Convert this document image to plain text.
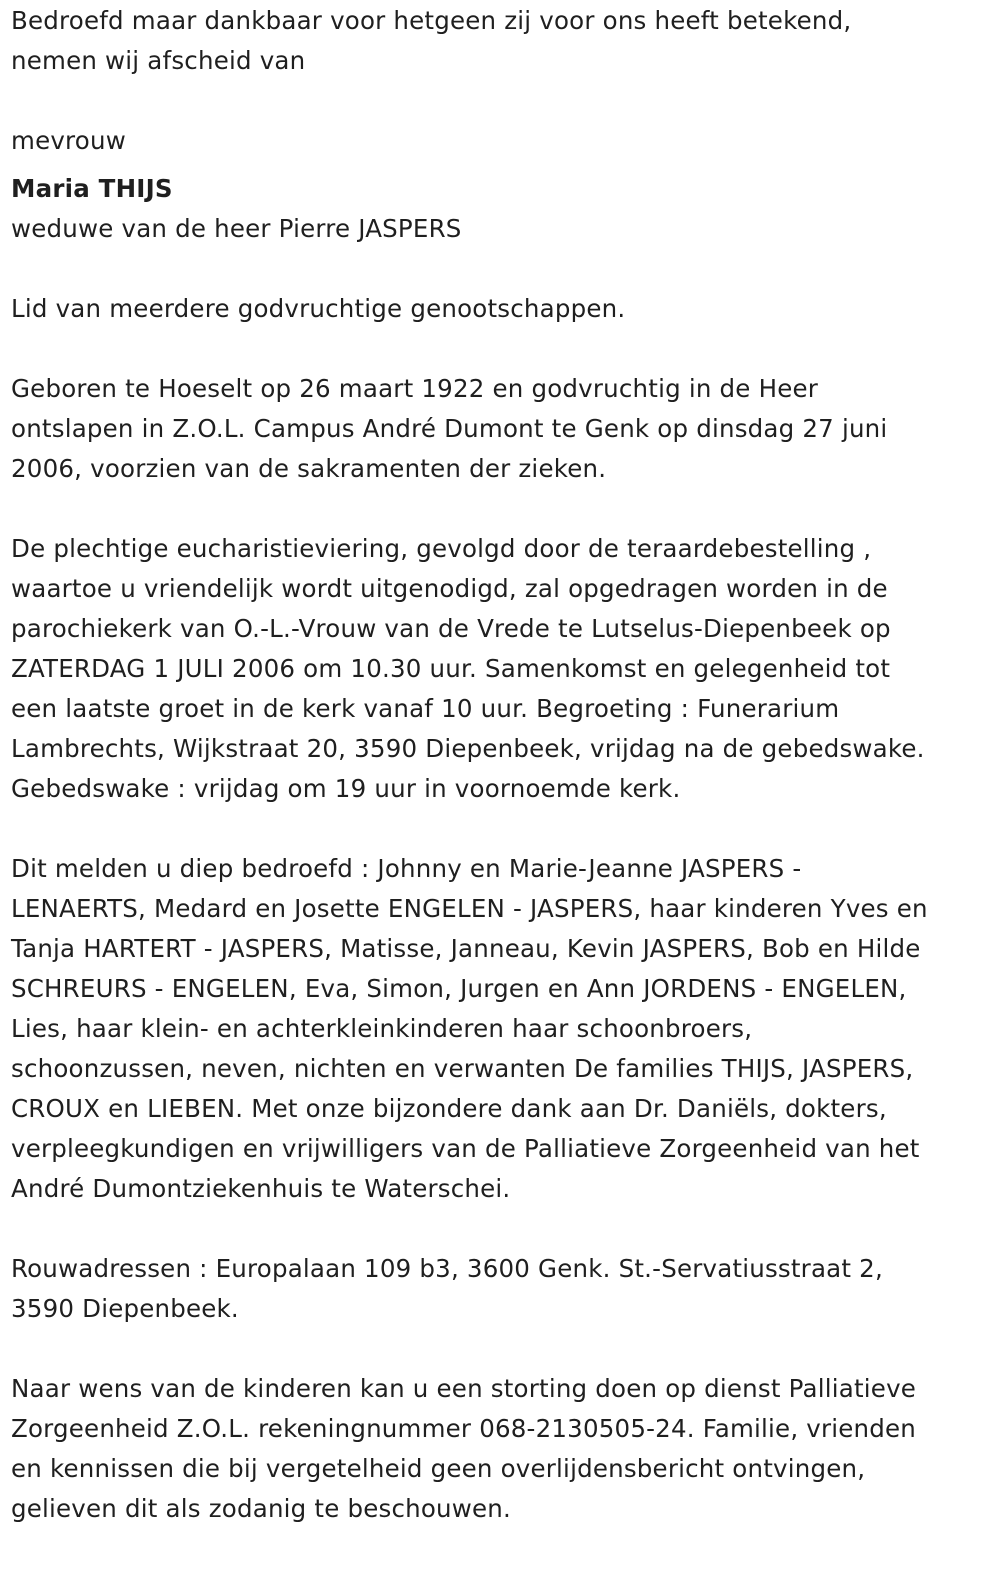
Bedroefd maar dankbaar voor hetgeen zij voor ons heeft betekend,

nemen wij afscheid van

mevrouw

Maria THIJS

weduwe van de heer Pierre JASPERS

Lid van meerdere godvruchtige genootschappen.

Geboren te Hoeselt op 26 maart 1922 en godvruchtig in de Heer

ontslapen in Z.O.L. Campus André Dumont te Genk op dinsdag 27 juni

2006, voorzien van de sakramenten der zieken.

De plechtige eucharistieviering, gevolgd door de teraardebestelling ,

waartoe u vriendelijk wordt uitgenodigd, zal opgedragen worden in de

parochiekerk van O.-L.-Vrouw van de Vrede te Lutselus-Diepenbeek op

ZATERDAG 1 JULI 2006 om 10.30 uur. Samenkomst en gelegenheid tot

een laatste groet in de kerk vanaf 10 uur. Begroeting : Funerarium

Lambrechts, Wijkstraat 20, 3590 Diepenbeek, vrijdag na de gebedswake.

Gebedswake : vrijdag om 19 uur in voornoemde kerk.

Dit melden u diep bedroefd : Johnny en Marie-Jeanne JASPERS -

LENAERTS, Medard en Josette ENGELEN - JASPERS, haar kinderen Yves en

Tanja HARTERT - JASPERS, Matisse, Janneau, Kevin JASPERS, Bob en Hilde

SCHREURS - ENGELEN, Eva, Simon, Jurgen en Ann JORDENS - ENGELEN,

Lies, haar klein- en achterkleinkinderen haar schoonbroers,

schoonzussen, neven, nichten en verwanten De families THIJS, JASPERS,

CROUX en LIEBEN. Met onze bijzondere dank aan Dr. Daniëls, dokters,

verpleegkundigen en vrijwilligers van de Palliatieve Zorgeenheid van het

André Dumontziekenhuis te Waterschei.

Rouwadressen : Europalaan 109 b3, 3600 Genk. St.-Servatiusstraat 2,

3590 Diepenbeek.

Naar wens van de kinderen kan u een storting doen op dienst Palliatieve

Zorgeenheid Z.O.L. rekeningnummer 068-2130505-24. Familie, vrienden

en kennissen die bij vergetelheid geen overlijdensbericht ontvingen,

gelieven dit als zodanig te beschouwen.
